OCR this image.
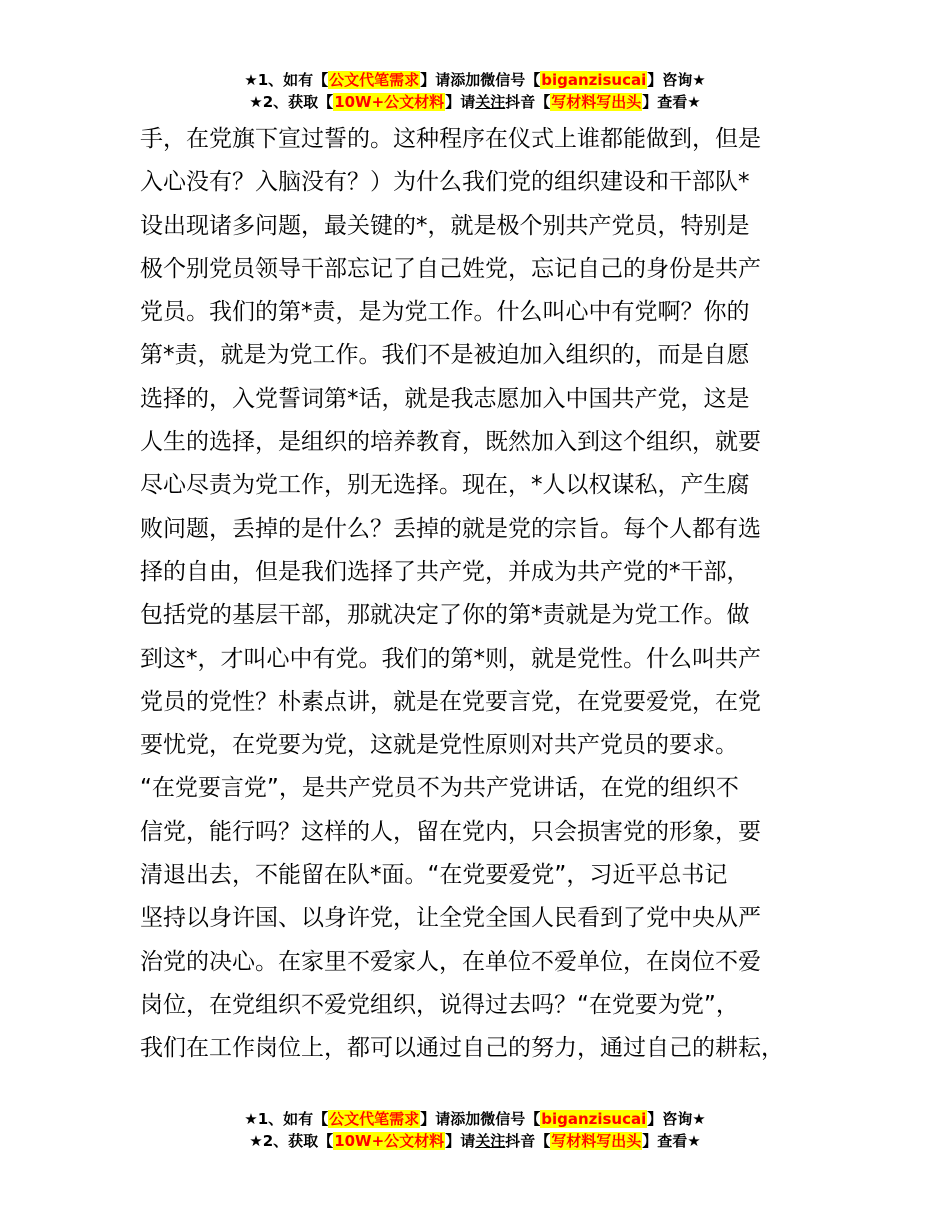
★1、如有【公文代笔需求】请添加微信号【biganzisucai】咨询★
★2、获取【10W+公文材料】请关注抖音【写材料写出头】查看★
手，在党旗下宣过誓的。这种程序在仪式上谁都能做到，但是
入心没有？入脑没有？）为什么我们党的组织建设和干部队*
设出现诸多问题，最关键的*，就是极个别共产党员，特别是
极个别党员领导干部忘记了自己姓党，忘记自己的身份是共产
党员。我们的第*责，是为党工作。什么叫心中有党啊？你的
第*责，就是为党工作。我们不是被迫加入组织的，而是自愿
选择的，入党誓词第*话，就是我志愿加入中国共产党，这是
人生的选择，是组织的培养教育，既然加入到这个组织，就要
尽心尽责为党工作，别无选择。现在，*人以权谋私，产生腐
败问题，丢掉的是什么？丢掉的就是党的宗旨。每个人都有选
择的自由，但是我们选择了共产党，并成为共产党的*干部，
包括党的基层干部，那就决定了你的第*责就是为党工作。做
到这*，才叫心中有党。我们的第*则，就是党性。什么叫共产
党员的党性？朴素点讲，就是在党要言党，在党要爱党，在党
要忧党，在党要为党，这就是党性原则对共产党员的要求。
“在党要言党”，是共产党员不为共产党讲话，在党的组织不
信党，能行吗？这样的人，留在党内，只会损害党的形象，要
清退出去，不能留在队*面。“在党要爱党”，习近平总书记
坚持以身许国、以身许党，让全党全国人民看到了党中央从严
治党的决心。在家里不爱家人，在单位不爱单位，在岗位不爱
岗位，在党组织不爱党组织，说得过去吗？“在党要为党”，
我们在工作岗位上，都可以通过自己的努力，通过自己的耕耘，
★1、如有【公文代笔需求】请添加微信号【biganzisucai】咨询★
★2、获取【10W+公文材料】请关注抖音【写材料写出头】查看★
